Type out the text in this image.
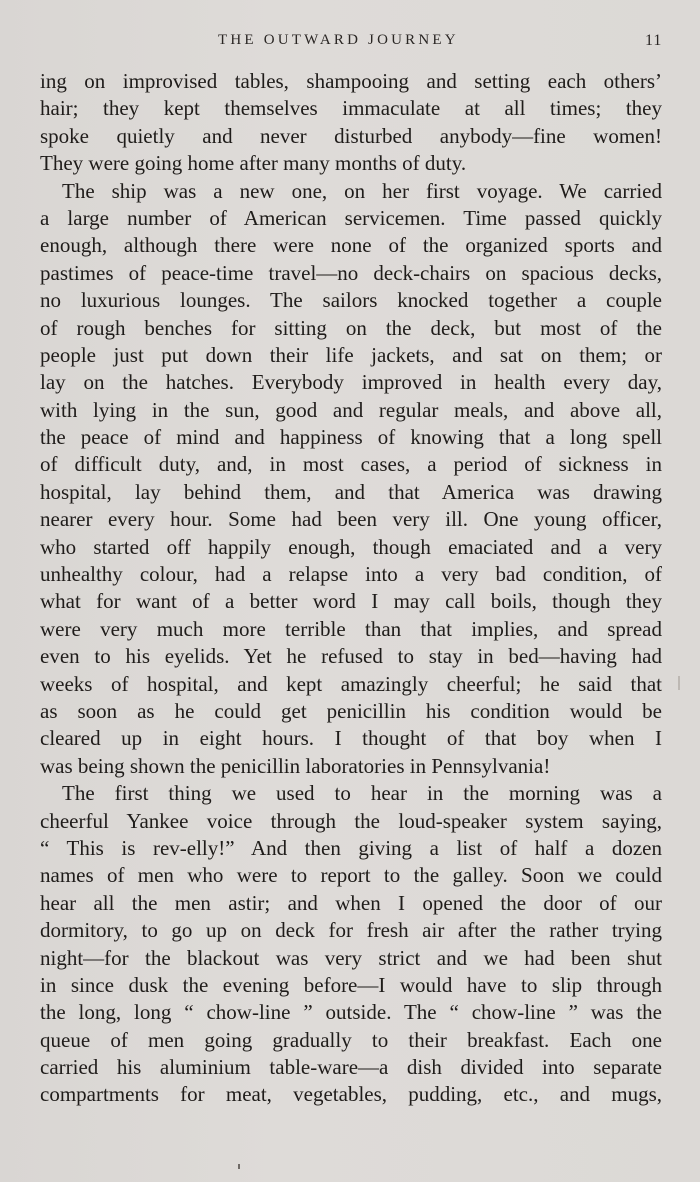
THE OUTWARD JOURNEY	11
ing on improvised tables, shampooing and setting each others’
hair; they kept themselves immaculate at all times; they
spoke quietly and never disturbed anybody—fine women!
They were going home after many months of duty.
The ship was a new one, on her first voyage. We carried
a large number of American servicemen. Time passed quickly
enough, although there were none of the organized sports and
pastimes of peace-time travel—no deck-chairs on spacious decks,
no luxurious lounges. The sailors knocked together a couple
of rough benches for sitting on the deck, but most of the
people just put down their life jackets, and sat on them; or
lay on the hatches. Everybody improved in health every day,
with lying in the sun, good and regular meals, and above all,
the peace of mind and happiness of knowing that a long spell
of difficult duty, and, in most cases, a period of sickness in
hospital, lay behind them, and that America was drawing
nearer every hour. Some had been very ill. One young officer,
who started off happily enough, though emaciated and a very
unhealthy colour, had a relapse into a very bad condition, of
what for want of a better word I may call boils, though they
were very much more terrible than that implies, and spread
even to his eyelids. Yet he refused to stay in bed—having had
weeks of hospital, and kept amazingly cheerful; he said that
as soon as he could get penicillin his condition would be
cleared up in eight hours. I thought of that boy when I
was being shown the penicillin laboratories in Pennsylvania!
The first thing we used to hear in the morning was a
cheerful Yankee voice through the loud-speaker system saying,
“ This is rev-elly!” And then giving a list of half a dozen
names of men who were to report to the galley. Soon we could
hear all the men astir; and when I opened the door of our
dormitory, to go up on deck for fresh air after the rather trying
night—for the blackout was very strict and we had been shut
in since dusk the evening before—I would have to slip through
the long, long “ chow-line ” outside. The “ chow-line ” was the
queue of men going gradually to their breakfast. Each one
carried his aluminium table-ware—a dish divided into separate
compartments for meat, vegetables, pudding, etc., and mugs,
